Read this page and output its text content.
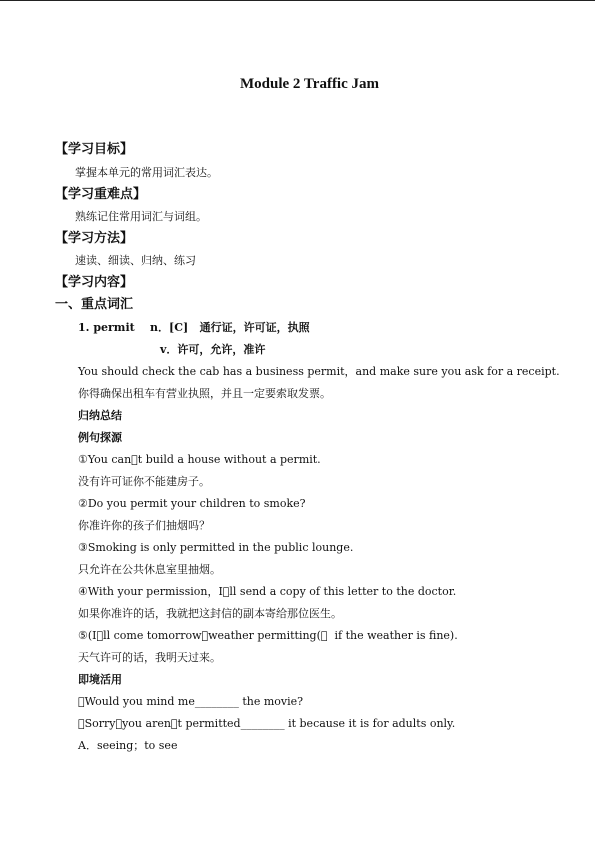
Module 2 Traffic Jam
【学习目标】
掌握本单元的常用词汇表达。
【学习重难点】
熟练记住常用词汇与词组。
【学习方法】
速读、细读、归纳、练习
【学习内容】
一、重点词汇
1. permit    n．[C]   通行证，许可证，执照
v．许可，允许，准许
You should check the cab has a business permit，and make sure you ask for a receipt.
你得确保出租车有营业执照，并且一定要索取发票。
归纳总结
例句探源
①You can t build a house without a permit.
没有许可证你不能建房子。
②Do you permit your children to smoke?
你准许你的孩子们抽烟吗？
③Smoking is only permitted in the public lounge.
只允许在公共休息室里抽烟。
④With your permission，I ll send a copy of this letter to the doctor.
如果你准许的话，我就把这封信的副本寄给那位医生。
⑤(I ll come tomorrow，weather permitting(＝  if the weather is fine).
天气许可的话，我明天过来。
即境活用
 Would you mind me________ the movie?
 Sorry，you aren t permitted________ it because it is for adults only.
A．seeing；to see
